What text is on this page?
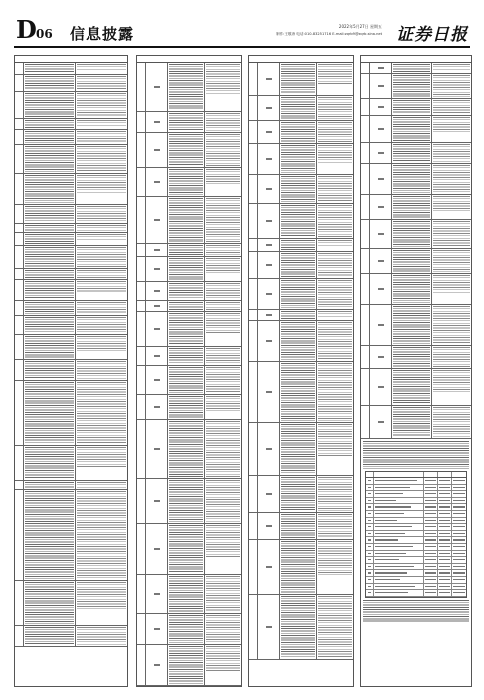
D 06 信息披露	2022年5月27日 星期五
制作:王敬涛 电话:010-83251716 E-mail:zqrb9@zqrb.sina.net 证券日报
